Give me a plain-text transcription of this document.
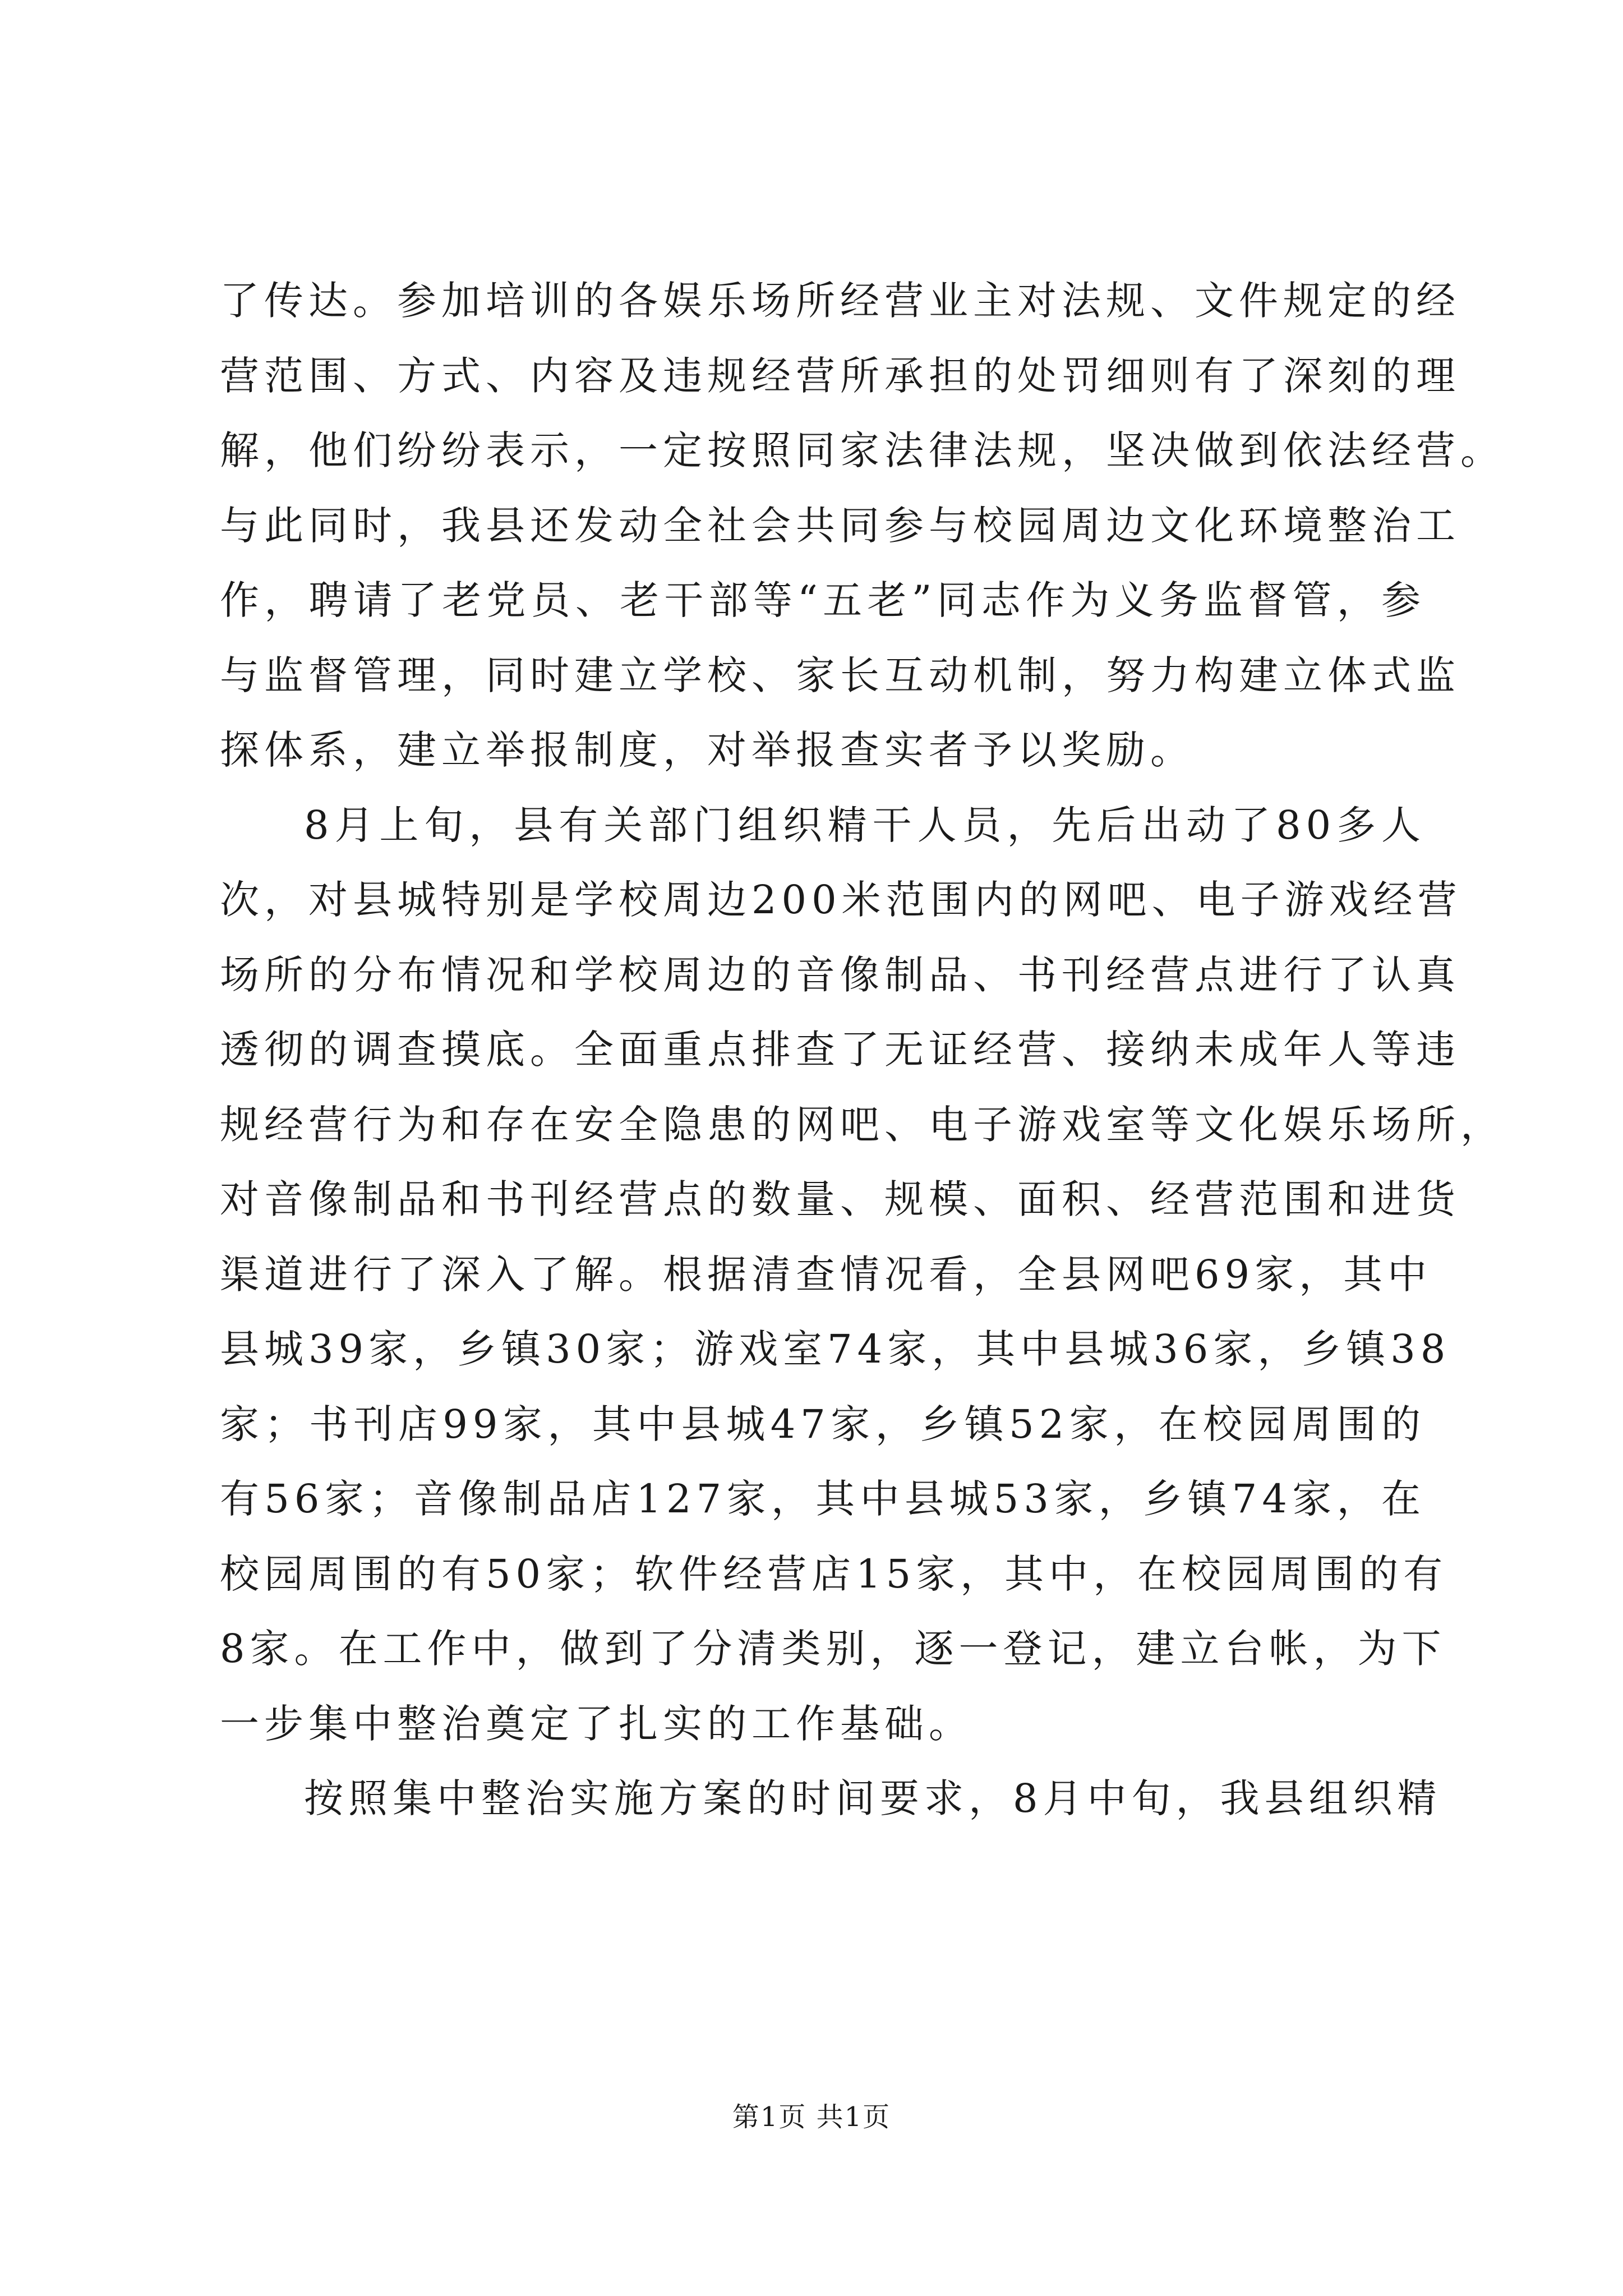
了传达。参加培训的各娱乐场所经营业主对法规、文件规定的经
营范围、方式、内容及违规经营所承担的处罚细则有了深刻的理
解，他们纷纷表示，一定按照同家法律法规，坚决做到依法经营。
与此同时，我县还发动全社会共同参与校园周边文化环境整治工
作，聘请了老党员、老干部等“五老”同志作为义务监督管，参
与监督管理，同时建立学校、家长互动机制，努力构建立体式监
探体系，建立举报制度，对举报查实者予以奖励。
8月上旬，县有关部门组织精干人员，先后出动了80多人
次，对县城特别是学校周边200米范围内的网吧、电子游戏经营
场所的分布情况和学校周边的音像制品、书刊经营点进行了认真
透彻的调查摸底。全面重点排查了无证经营、接纳未成年人等违
规经营行为和存在安全隐患的网吧、电子游戏室等文化娱乐场所，
对音像制品和书刊经营点的数量、规模、面积、经营范围和进货
渠道进行了深入了解。根据清查情况看，全县网吧69家，其中
县城39家，乡镇30家；游戏室74家，其中县城36家，乡镇38
家；书刊店99家，其中县城47家，乡镇52家，在校园周围的
有56家；音像制品店127家，其中县城53家，乡镇74家，在
校园周围的有50家；软件经营店15家，其中，在校园周围的有
8家。在工作中，做到了分清类别，逐一登记，建立台帐，为下
一步集中整治奠定了扎实的工作基础。
按照集中整治实施方案的时间要求，8月中旬，我县组织精
第1页 共1页
